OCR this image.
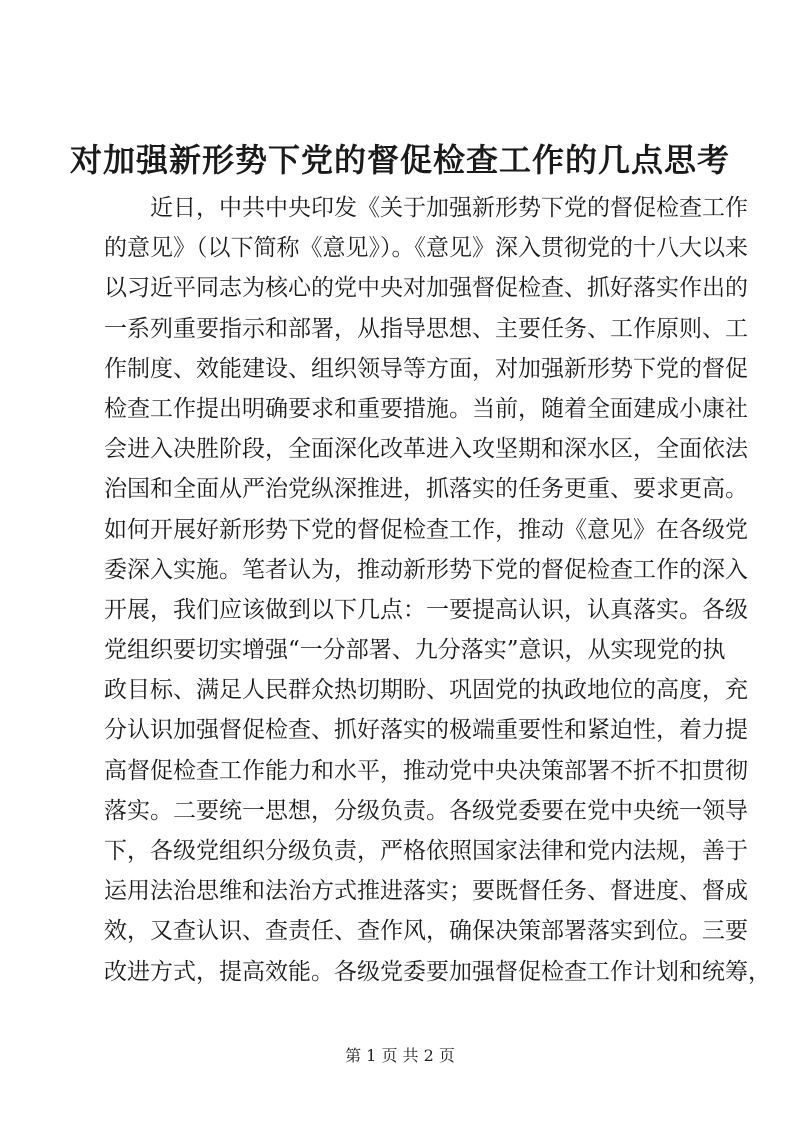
对加强新形势下党的督促检查工作的几点思考
近日，中共中央印发《关于加强新形势下党的督促检查工作
的意见》（以下简称《意见》）。《意见》深入贯彻党的十八大以来
以习近平同志为核心的党中央对加强督促检查、抓好落实作出的
一系列重要指示和部署，从指导思想、主要任务、工作原则、工
作制度、效能建设、组织领导等方面，对加强新形势下党的督促
检查工作提出明确要求和重要措施。当前，随着全面建成小康社
会进入决胜阶段，全面深化改革进入攻坚期和深水区，全面依法
治国和全面从严治党纵深推进，抓落实的任务更重、要求更高。
如何开展好新形势下党的督促检查工作，推动《意见》在各级党
委深入实施。笔者认为，推动新形势下党的督促检查工作的深入
开展，我们应该做到以下几点：一要提高认识，认真落实。各级
党组织要切实增强“一分部署、九分落实”意识，从实现党的执
政目标、满足人民群众热切期盼、巩固党的执政地位的高度，充
分认识加强督促检查、抓好落实的极端重要性和紧迫性，着力提
高督促检查工作能力和水平，推动党中央决策部署不折不扣贯彻
落实。二要统一思想，分级负责。各级党委要在党中央统一领导
下，各级党组织分级负责，严格依照国家法律和党内法规，善于
运用法治思维和法治方式推进落实；要既督任务、督进度、督成
效，又查认识、查责任、查作风，确保决策部署落实到位。三要
改进方式，提高效能。各级党委要加强督促检查工作计划和统筹，
第 1 页 共 2 页
